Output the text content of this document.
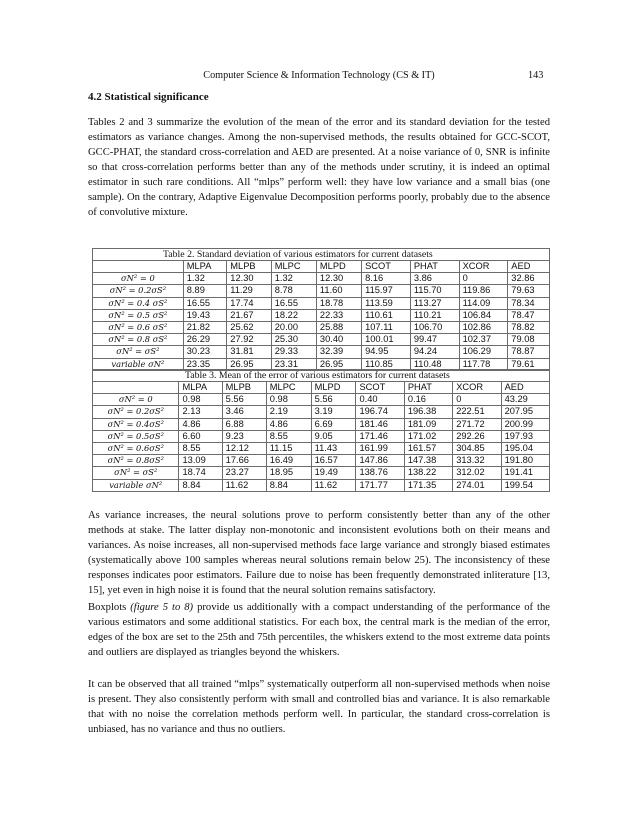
Computer Science & Information Technology (CS & IT)	143
4.2 Statistical significance

Tables 2 and 3 summarize the evolution of the mean of the error and its standard deviation for the tested estimators as variance changes. Among the non-supervised methods, the results obtained for GCC-SCOT, GCC-PHAT, the standard cross-correlation and AED are presented. At a noise variance of 0, SNR is infinite so that cross-correlation performs better than any of the methods under scrutiny, it is indeed an optimal estimator in such rare conditions. All “mlps” perform well: they have low variance and a small bias (one sample). On the contrary, Adaptive Eigenvalue Decomposition performs poorly, probably due to the absence of convolutive mixture.

Table 2. Standard deviation of various estimators for current datasets
	MLPA	MLPB	MLPC	MLPD	SCOT	PHAT	XCOR	AED
σN² = 0	1.32	12.30	1.32	12.30	8.16	3.86	0	32.86
σN² = 0.2σS²	8.89	11.29	8.78	11.60	115.97	115.70	119.86	79.63
σN² = 0.4 σS²	16.55	17.74	16.55	18.78	113.59	113.27	114.09	78.34
σN² = 0.5 σS²	19.43	21.67	18.22	22.33	110.61	110.21	106.84	78.47
σN² = 0.6 σS²	21.82	25.62	20.00	25.88	107.11	106.70	102.86	78.82
σN² = 0.8 σS²	26.29	27.92	25.30	30.40	100.01	99.47	102.37	79.08
σN² = σS²	30.23	31.81	29.33	32.39	94.95	94.24	106.29	78.87
variable σN²	23.35	26.95	23.31	26.95	110.85	110.48	117.78	79.61
Table 3. Mean of the error of various estimators for current datasets
	MLPA	MLPB	MLPC	MLPD	SCOT	PHAT	XCOR	AED
σN² = 0	0.98	5.56	0.98	5.56	0.40	0.16	0	43.29
σN² = 0.2σS²	2.13	3.46	2.19	3.19	196.74	196.38	222.51	207.95
σN² = 0.4σS²	4.86	6.88	4.86	6.69	181.46	181.09	271.72	200.99
σN² = 0.5σS²	6.60	9.23	8.55	9.05	171.46	171.02	292.26	197.93
σN² = 0.6σS²	8.55	12.12	11.15	11.43	161.99	161.57	304.85	195.04
σN² = 0.8σS²	13.09	17.66	16.49	16.57	147.86	147.38	313.32	191.80
σN² = σS²	18.74	23.27	18.95	19.49	138.76	138.22	312.02	191.41
variable σN²	8.84	11.62	8.84	11.62	171.77	171.35	274.01	199.54

As variance increases, the neural solutions prove to perform consistently better than any of the other methods at stake. The latter display non-monotonic and inconsistent evolutions both on their means and variances. As noise increases, all non-supervised methods face large variance and strongly biased estimates (systematically above 100 samples whereas neural solutions remain below 25). The inconsistency of these responses indicates poor estimators. Failure due to noise has been frequently demonstrated inliterature [13, 15], yet even in high noise it is found that the neural solution remains satisfactory.

Boxplots (figure 5 to 8) provide us additionally with a compact understanding of the performance of the various estimators and some additional statistics. For each box, the central mark is the median of the error, edges of the box are set to the 25th and 75th percentiles, the whiskers extend to the most extreme data points and outliers are displayed as triangles beyond the whiskers.

It can be observed that all trained “mlps” systematically outperform all non-supervised methods when noise is present. They also consistently perform with small and controlled bias and variance. It is also remarkable that with no noise the correlation methods perform well. In particular, the standard cross-correlation is unbiased, has no variance and thus no outliers.
